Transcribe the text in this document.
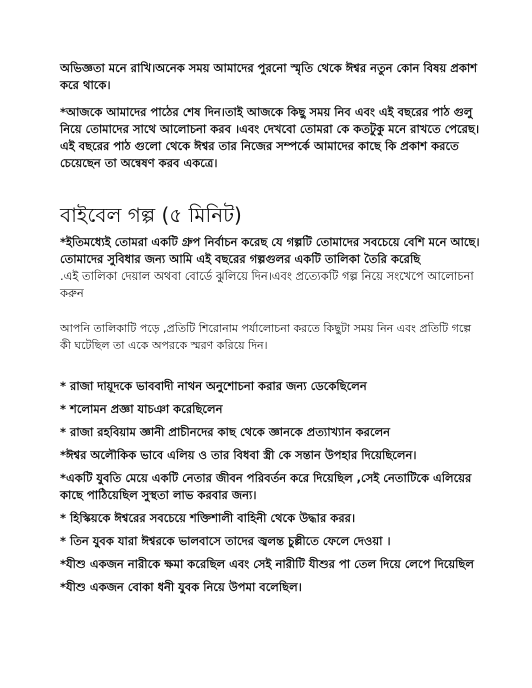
অভিজ্ঞতা মনে রাখি।অনেক সময় আমাদের পুরনো স্মৃতি থেকে ঈশ্বর নতুন কোন বিষয় প্রকাশ করে থাকে।

*আজকে আমাদের পাঠের শেষ দিন।তাই আজকে কিছু সময় নিব এবং এই বছরের পাঠ গুলু নিয়ে তোমাদের সাথে আলোচনা করব ।এবং দেখবো তোমরা কে কতটুকু মনে রাখতে পেরেছ। এই বছরের পাঠ গুলো থেকে ঈশ্বর তার নিজের সম্পর্কে আমাদের কাছে কি প্রকাশ করতে চেয়েছেন তা অন্বেষণ করব একত্রে।

বাইবেল গল্প (৫ মিনিট)

*ইতিমধ্যেই তোমরা একটি গ্রুপ নির্বাচন করেছ যে গল্পটি তোমাদের সবচেয়ে বেশি মনে আছে।তোমাদের সুবিধার জন্য আমি এই বছরের গল্পগুলর একটি তালিকা তৈরি করেছি

.এই তালিকা দেয়াল অথবা বোর্ডে ঝুলিয়ে দিন।এবং প্রত্যেকটি গল্প নিয়ে সংখেপে আলোচনা করুন

আপনি তালিকাটি পড়ে ,প্রতিটি শিরোনাম পর্যালোচনা করতে কিছুটা সময় নিন এবং প্রতিটি গল্পে কী ঘটেছিল তা একে অপরকে স্মরণ করিয়ে দিন।

* রাজা দায়ূদকে ভাববাদী নাথন অনুশোচনা করার জন্য ডেকেছিলেন
* শলোমন প্রজ্ঞা যাচঞা করেছিলেন
* রাজা রহবিয়াম জ্ঞানী প্রাচীনদের কাছ থেকে জ্ঞানকে প্রত্যাখ্যান করলেন
*ঈশ্বর অলৌকিক ভাবে এলিয় ও তার বিধবা স্ত্রী কে সন্তান উপহার দিয়েছিলেন।
*একটি যুবতি মেয়ে একটি নেতার জীবন পরিবর্তন করে দিয়েছিল ,সেই নেতাটিকে এলিয়ের কাছে পাঠিয়েছিল সুস্থতা লাভ করবার জন্য।
* হিস্কিয়কে ঈশ্বরের সবচেয়ে শক্তিশালী বাহিনী থেকে উদ্ধার করর।
* তিন যুবক যারা ঈশ্বরকে ভালবাসে তাদের জ্বলন্ত চুল্লীতে ফেলে দেওয়া ।
*যীশু একজন নারীকে ক্ষমা করেছিল এবং সেই নারীটি যীশুর পা তেল দিয়ে লেপে দিয়েছিল
*যীশু একজন বোকা ধনী যুবক নিয়ে উপমা বলেছিল।
